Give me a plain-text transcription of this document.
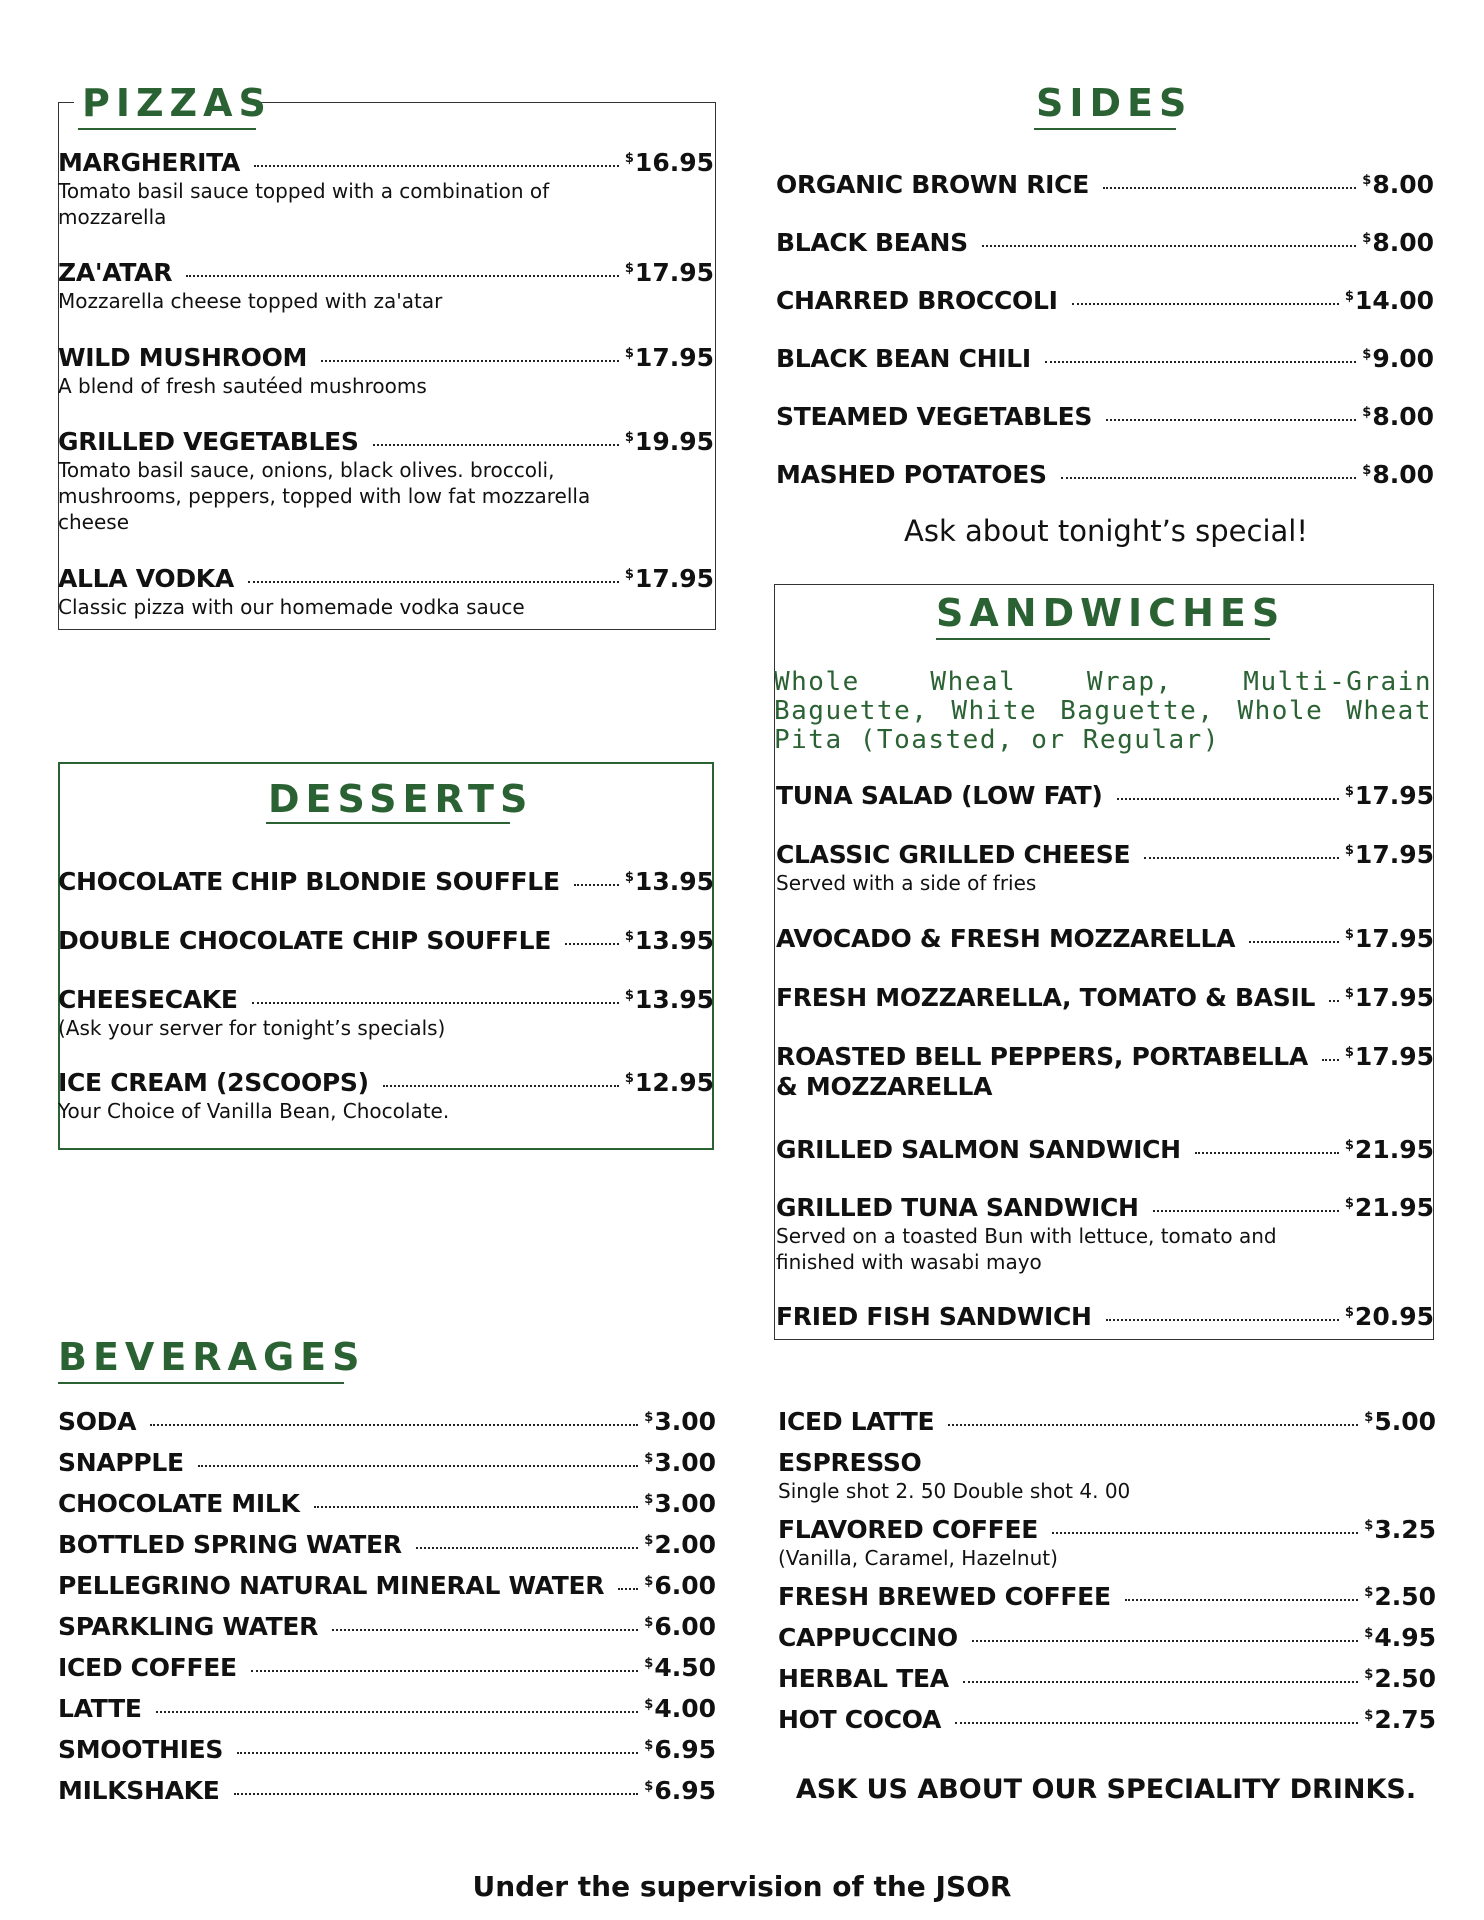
PIZZAS
MARGHERITA	$16.95
Tomato basil sauce topped with a combination of mozzarella
ZA'ATAR	$17.95
Mozzarella cheese topped with za'atar
WILD MUSHROOM	$17.95
A blend of fresh sautéed mushrooms
GRILLED VEGETABLES	$19.95
Tomato basil sauce, onions, black olives. broccoli, mushrooms, peppers, topped with low fat mozzarella cheese
ALLA VODKA	$17.95
Classic pizza with our homemade vodka sauce
SIDES
ORGANIC BROWN RICE	$8.00
BLACK BEANS	$8.00
CHARRED BROCCOLI	$14.00
BLACK BEAN CHILI	$9.00
STEAMED VEGETABLES	$8.00
MASHED POTATOES	$8.00
Ask about tonight’s special!
SANDWICHES
Whole Wheal Wrap, Multi-Grain Baguette, White Baguette, Whole Wheat Pita (Toasted, or Regular)
TUNA SALAD (LOW FAT)	$17.95
CLASSIC GRILLED CHEESE	$17.95
Served with a side of fries
AVOCADO & FRESH MOZZARELLA	$17.95
FRESH MOZZARELLA, TOMATO & BASIL $17.95
ROASTED BELL PEPPERS, PORTABELLA	$17.95
& MOZZARELLA
GRILLED SALMON SANDWICH	$21.95
GRILLED TUNA SANDWICH	$21.95
Served on a toasted Bun with lettuce, tomato and finished with wasabi mayo
FRIED FISH SANDWICH	$20.95
DESSERTS
CHOCOLATE CHIP BLONDIE SOUFFLE	$13.95
DOUBLE CHOCOLATE CHIP SOUFFLE	$13.95
CHEESECAKE	$13.95
(Ask your server for tonight’s specials)
ICE CREAM (2SCOOPS)	$12.95
Your Choice of Vanilla Bean, Chocolate.
BEVERAGES
SODA	$3.00
SNAPPLE	$3.00
CHOCOLATE MILK	$3.00
BOTTLED SPRING WATER	$2.00
PELLEGRINO NATURAL MINERAL WATER	$6.00
SPARKLING WATER	$6.00
ICED COFFEE	$4.50
LATTE	$4.00
SMOOTHIES	$6.95
MILKSHAKE	$6.95
ICED LATTE	$5.00
ESPRESSO
Single shot 2. 50 Double shot 4. 00
FLAVORED COFFEE	$3.25
(Vanilla, Caramel, Hazelnut)
FRESH BREWED COFFEE	$2.50
CAPPUCCINO	$4.95
HERBAL TEA	$2.50
HOT COCOA	$2.75
ASK US ABOUT OUR SPECIALITY DRINKS.
Under the supervision of the JSOR
